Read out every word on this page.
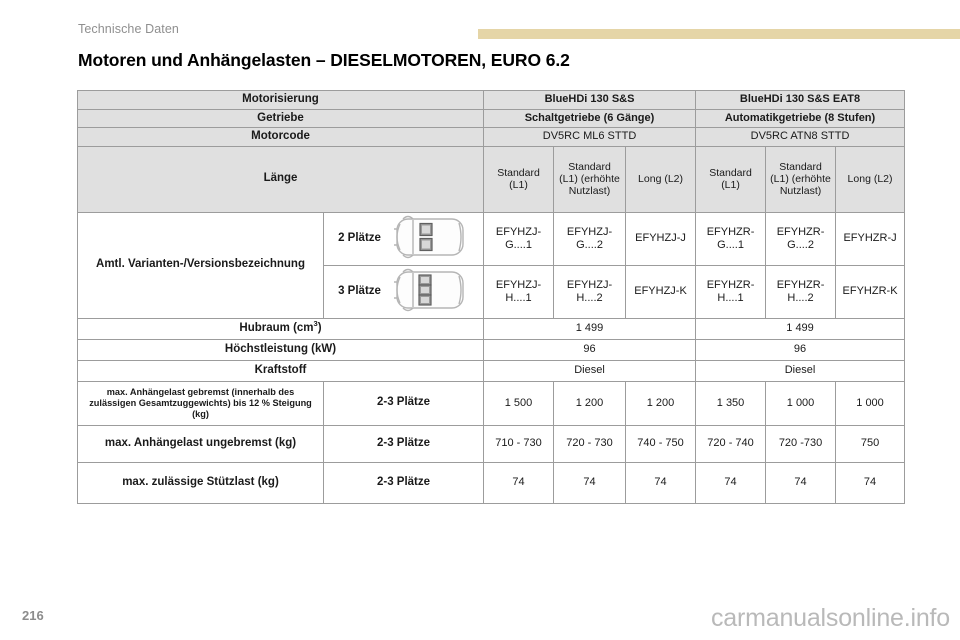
Technische Daten
Motoren und Anhängelasten – DIESELMOTOREN, EURO 6.2
Motorisierung		BlueHDi 130 S&S			BlueHDi 130 S&S EAT8		
Getriebe		Schaltgetriebe (6 Gänge)			Automatikgetriebe (8 Stufen)		
Motorcode		DV5RC ML6 STTD			DV5RC ATN8 STTD		
Länge		Standard (L1)	Standard (L1) (erhöhte Nutzlast)	Long (L2)	Standard (L1)	Standard (L1) (erhöhte Nutzlast)	Long (L2)
Amtl. Varianten-/Versionsbezeichnung	2 Plätze	EFYHZJ-G....1	EFYHZJ-G....2	EFYHZJ-J	EFYHZR-G....1	EFYHZR-G....2	EFYHZR-J

	3 Plätze	EFYHZJ-H....1	EFYHZJ-H....2	EFYHZJ-K	EFYHZR-H....1	EFYHZR-H....2	EFYHZR-K
Hubraum $(cm^3)$		1 499			1 499		
Höchstleistung (kW)		96			96		
Kraftstoff		Diesel			Diesel		
max. Anhängelast gebremst (innerhalb des zulässigen Gesamtzuggewichts) bis 12 % Steigung (kg)	2-3 Plätze	1 500	1 200	1 200	1 350	1 000	1 000
max. Anhängelast ungebremst (kg)	2-3 Plätze	710 - 730	720 - 730	740 - 750	720 - 740	720 -730	750
max. zulässige Stützlast (kg)	2-3 Plätze	74	74	74	74	74	74
216	carmanualsonline.info
